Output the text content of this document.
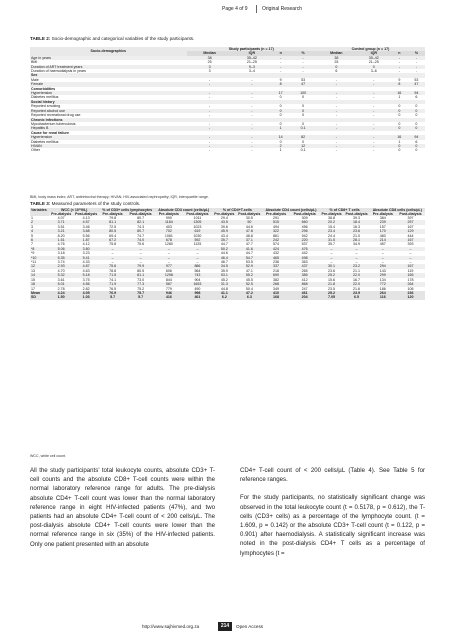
Page 4 of 9	Original Research
TABLE 2: Socio-demographic and categorical variables of the study participants.
Socio-demographics	Study participants (n = 17)				Control group (n = 17)			
	Median	IQR	n	%	Median	IQR	n	%
Age in years	38	35–42	-	-	38	35–42	-	-
BMI	25	21–25	-	-	25	21–25	-	-
Duration of ART treatment years	3	9–3	-	-	0	0	-	-
Duration of haemodialysis in years	3	3–4	-	-	6	3–6	-	-
Sex								
Male	-	-	9	53	-	-	9	53
Female	-	-	8	47	-	-	8	47
Comorbidities								
Hypertension	-	-	17	100	-	-	16	94
Diabetes mellitus	-	-	0	0	-	-	1	6
Social history								
Reported smoking	-	-	0	0	-	-	0	0
Reported alcohol use	-	-	0	0	-	-	0	0
Reported recreational drug use	-	-	0	0	-	-	0	0
Chronic infections								
Mycobacterium tuberculosis	-	-	0	0	-	-	0	0
Hepatitis B	-	-	1	0.1	-	-	0	0
Cause for renal failure								
Hypertension	-	-	14	82	-	-	16	94
Diabetes mellitus	-	-	0	0	-	-	1	6
HIVAN	-	-	2	12	-	-	0	0
Other	-	-	1	0.1	-	-	0	0
BMI, body mass index; ART, antiretroviral therapy; HIVAN, HIV-associated nephropathy; IQR, interquartile range.
TABLE 3: Measured parameters of the study controls.
Variables	WCC (× 10^9/L)		% of CD3+ cells lymphocytes		Absolute CD3 count (cells/µL)		% of CD4+T-cells		Absolute CD4 count (cells/µL)		% of CD8+ T cells		Absolute CD8 cells (cells/µL)	
	Pre-dialysis	Post-dialysis	Pre-dialysis	Post-dialysis	Pre-dialysis	Post-dialysis	Pre-dialysis	Post-dialysis	Pre-dialysis	Post-dialysis	Pre-dialysis	Post-dialysis	Pre-dialysis	Post-dialysis
1	4.07	4.13	79.8	80.7	990	1011	29.4	30.5	291	309	38.8	39.3	384	397
2	3.71	4.57	81.1	82.1	1184	1305	43.5	50	515	660	20.2	18.4	239	257
3	3.51	3.46	72.5	74.3	403	1023	39.6	44.6	494	456	15.4	16.3	157	167
4	3.21	3.68	80.5	80.7	702	619	45.9	47.8	322	296	23.4	23.6	170	129
5	8.20	5.56	69.4	74.7	1081	1030	43.4	48.8	861	942	24.4	21.0	483	444
6	1.51	1.87	67.2	74.0	678	592	35.7	37.1	242	220	31.5	28.1	214	167
7	4.76	4.12	75.8	75.6	1280	1125	44.7	47.7	574	537	35.7	34.9	457	393
*8	5.06	3.80	–	–	–	–	50.2	41.6	424	476	–	–	–	–
*9	3.18	3.23	–	–	–	–	44.6	44.7	432	442	–	–	–	–
*10	5.35	5.41	–	–	–	–	46.4	54.7	465	498	–	–	–	–
*11	3.74	4.33	–	–	–	–	46.7	53.5	236	363	–	–	–	–
12	2.93	4.87	75.6	79.9	977	886	34.5	52.9	337	437	30.1	23.2	294	167
13	4.70	4.63	78.8	80.5	606	564	35.9	47.1	218	265	23.6	21.1	143	119
14	5.32	5.18	71.5	81.1	1298	743	53.1	55.2	690	385	25.2	22.0	299	165
15	3.61	3.75	74.1	73.0	844	904	45.2	45.5	382	412	15.6	16.7	134	178
16	5.01	4.56	71.9	77.3	587	1653	31.3	52.5	268	868	21.8	22.0	772	264
17	2.78	2.82	76.5	75.2	779	490	44.8	50.4	349	247	23.5	21.6	186	106
Mean	4.24	4.05	76.9	75.7	946	998	41.1	47.2	410	461	25.2	23.9	264	236
SD	1.50	1.03	5.7	5.7	416	401	6.2	6.3	168	204	7.05	6.5	116	120
WCC, white cell count.

All the study participants’ total leukocyte counts, absolute CD3+ T-cell counts and the absolute CD8+ T-cell counts were within the normal laboratory reference range for adults. The pre-dialysis absolute CD4+ T-cell count was lower than the normal laboratory reference range in eight HIV-infected patients (47%), and two patients had an absolute CD4+ T-cell count of < 200 cells/µL. The post-dialysis absolute CD4+ T-cell counts were lower than the normal reference range in six (35%) of the HIV-infected patients. Only one patient presented with an absolute

CD4+ T-cell count of < 200 cells/µL (Table 4). See Table 5 for reference ranges.

For the study participants, no statistically significant change was observed in the total leukocyte count (t = 0.5178, p = 0.612), the T-cells (CD3+ cells) as a percentage of the lymphocyte count. (t = 1.609, p = 0.142) or the absolute CD3+ T-cell count (t = 0.122, p = 0.901) after haemodialysis. A statistically significant increase was noted in the post-dialysis CD4+ T cells as a percentage of lymphocytes (t =

http://www.sajhivmed.org.za	214	Open Access
